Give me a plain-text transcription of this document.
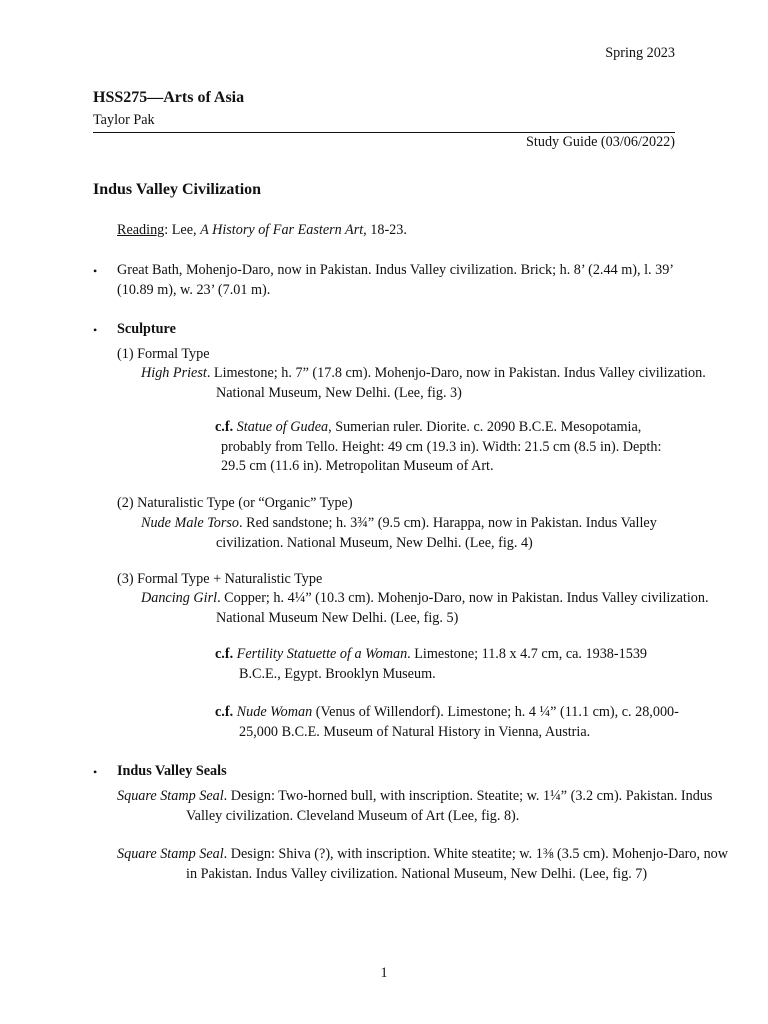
Spring 2023
HSS275—Arts of Asia
Taylor Pak
Study Guide (03/06/2022)
Indus Valley Civilization
Reading: Lee, A History of Far Eastern Art, 18-23.
•	Great Bath, Mohenjo-Daro, now in Pakistan. Indus Valley civilization. Brick; h. 8’ (2.44 m), l. 39’ (10.89 m), w. 23’ (7.01 m).
•	Sculpture
(1) Formal Type
High Priest. Limestone; h. 7” (17.8 cm). Mohenjo-Daro, now in Pakistan. Indus Valley civilization. National Museum, New Delhi. (Lee, fig. 3)
c.f. Statue of Gudea, Sumerian ruler. Diorite. c. 2090 B.C.E. Mesopotamia, probably from Tello. Height: 49 cm (19.3 in). Width: 21.5 cm (8.5 in). Depth: 29.5 cm (11.6 in). Metropolitan Museum of Art.
(2) Naturalistic Type (or “Organic” Type)
Nude Male Torso. Red sandstone; h. 3¾” (9.5 cm). Harappa, now in Pakistan. Indus Valley civilization. National Museum, New Delhi. (Lee, fig. 4)
(3) Formal Type + Naturalistic Type
Dancing Girl. Copper; h. 4¼” (10.3 cm). Mohenjo-Daro, now in Pakistan. Indus Valley civilization. National Museum New Delhi. (Lee, fig. 5)
c.f. Fertility Statuette of a Woman. Limestone; 11.8 x 4.7 cm, ca. 1938-1539 B.C.E., Egypt. Brooklyn Museum.
c.f. Nude Woman (Venus of Willendorf). Limestone; h. 4 ¼” (11.1 cm), c. 28,000-25,000 B.C.E. Museum of Natural History in Vienna, Austria.
•	Indus Valley Seals
Square Stamp Seal. Design: Two-horned bull, with inscription. Steatite; w. 1¼” (3.2 cm). Pakistan. Indus Valley civilization. Cleveland Museum of Art (Lee, fig. 8).
Square Stamp Seal. Design: Shiva (?), with inscription. White steatite; w. 1⅜ (3.5 cm). Mohenjo-Daro, now in Pakistan. Indus Valley civilization. National Museum, New Delhi. (Lee, fig. 7)
1
